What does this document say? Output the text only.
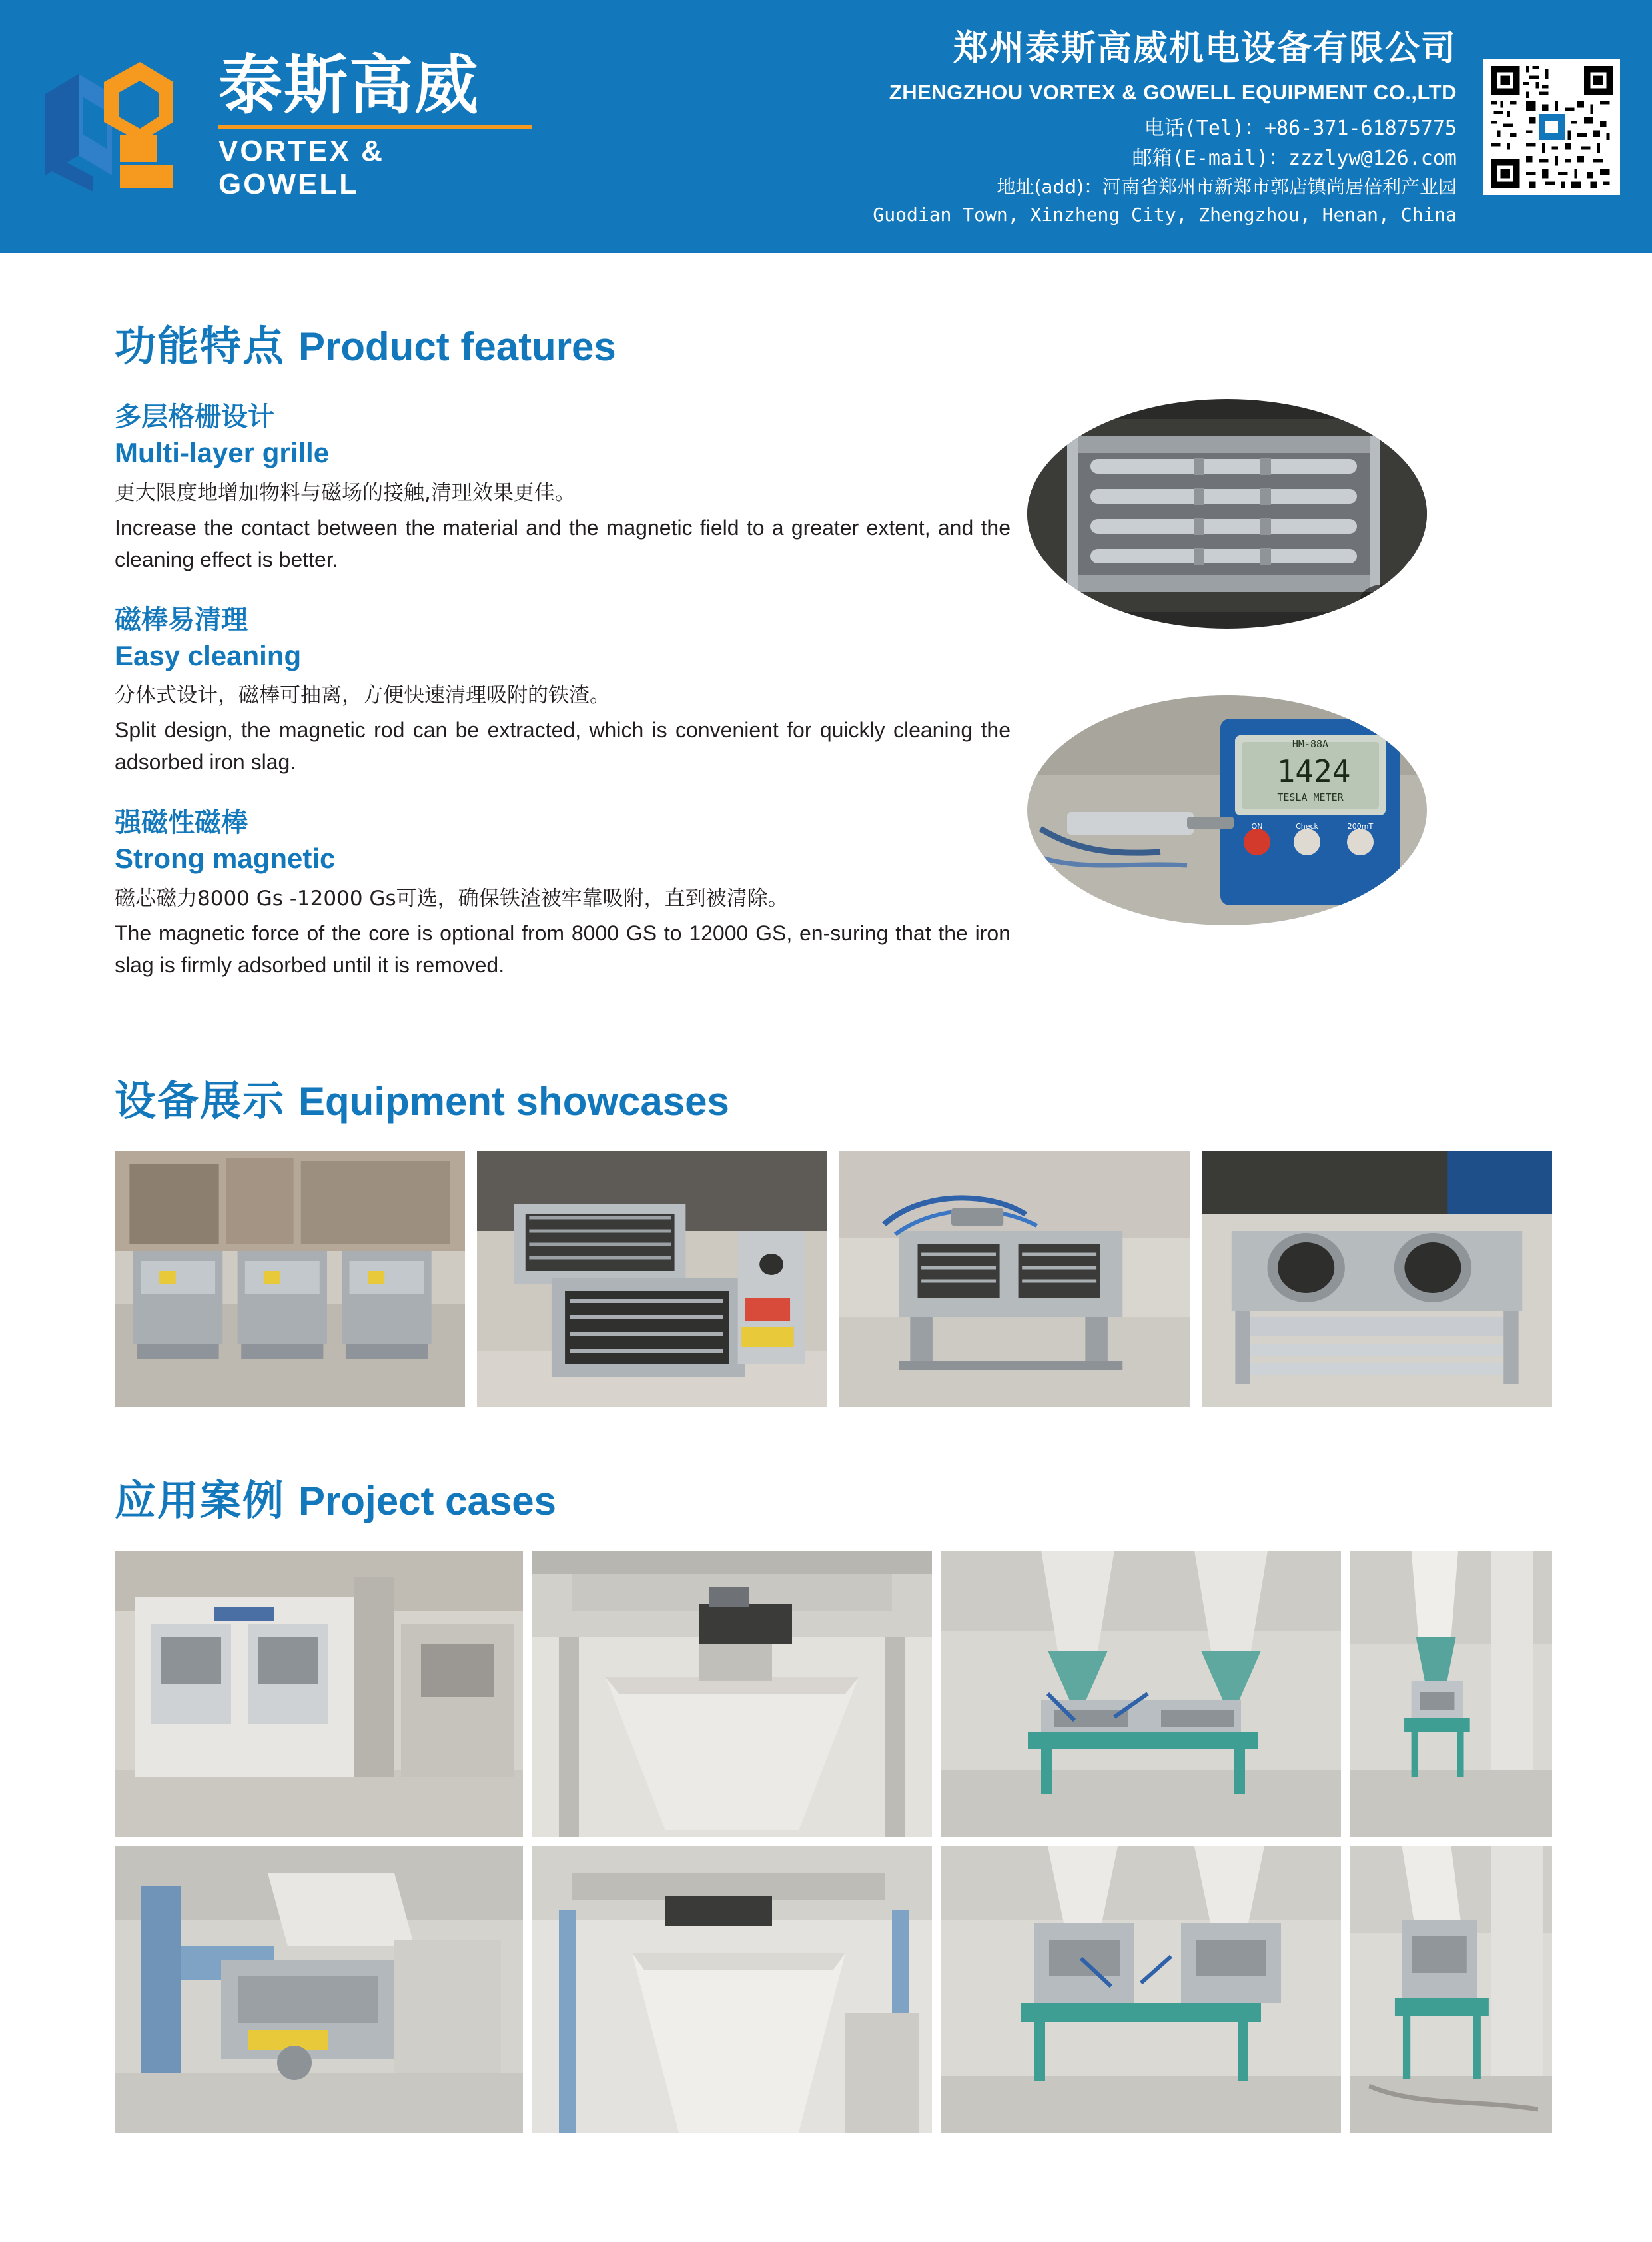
泰斯高威
VORTEX & GOWELL
郑州泰斯高威机电设备有限公司
ZHENGZHOU VORTEX & GOWELL EQUIPMENT CO.,LTD
电话(Tel)：+86-371-61875775
邮箱(E-mail)：zzzlyw@126.com
地址(add)：河南省郑州市新郑市郭店镇尚居倍利产业园
Guodian Town, Xinzheng City, Zhengzhou, Henan, China
功能特点 Product features
多层格栅设计
Multi-layer grille
更大限度地增加物料与磁场的接触,清理效果更佳。
Increase the contact between the material and the magnetic field to a greater extent, and the cleaning effect is better.
磁棒易清理
Easy cleaning
分体式设计，磁棒可抽离，方便快速清理吸附的铁渣。
Split design, the magnetic rod can be extracted, which is convenient for quickly cleaning the adsorbed iron slag.
强磁性磁棒
Strong magnetic
磁芯磁力8000 Gs -12000 Gs可选，确保铁渣被牢靠吸附，直到被清除。
The magnetic force of the core is optional from 8000 GS to 12000 GS, en-suring that the iron slag is firmly adsorbed until it is removed.
HM-88A
1424
TESLA METER
ON	Check	200mT
设备展示 Equipment showcases
应用案例 Project cases
